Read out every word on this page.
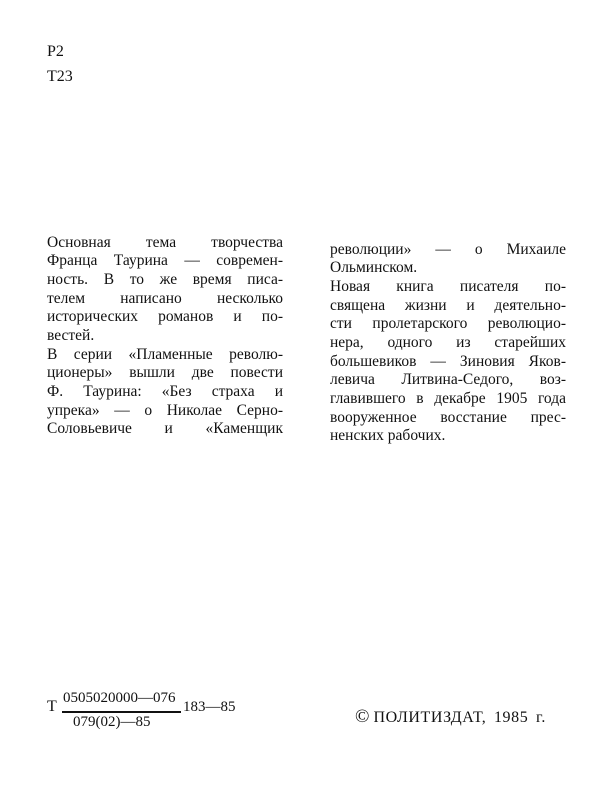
Р2
Т23
Основная тема творчества
Франца Таурина — современ-
ность. В то же время писа-
телем написано несколько
исторических романов и по-
вестей.
В серии «Пламенные револю-
ционеры» вышли две повести
Ф. Таурина: «Без страха и
упрека» — о Николае Серно-
Соловьевиче и «Каменщик
революции» — о Михаиле
Ольминском.
Новая книга писателя по-
священа жизни и деятельно-
сти пролетарского революцио-
нера, одного из старейших
большевиков — Зиновия Яков-
левича Литвина-Седого, воз-
главившего в декабре 1905 года
вооруженное восстание прес-
ненских рабочих.
Т 0505020000—076
079(02)—85
183—85	© ПОЛИТИЗДАТ, 1985 г.
